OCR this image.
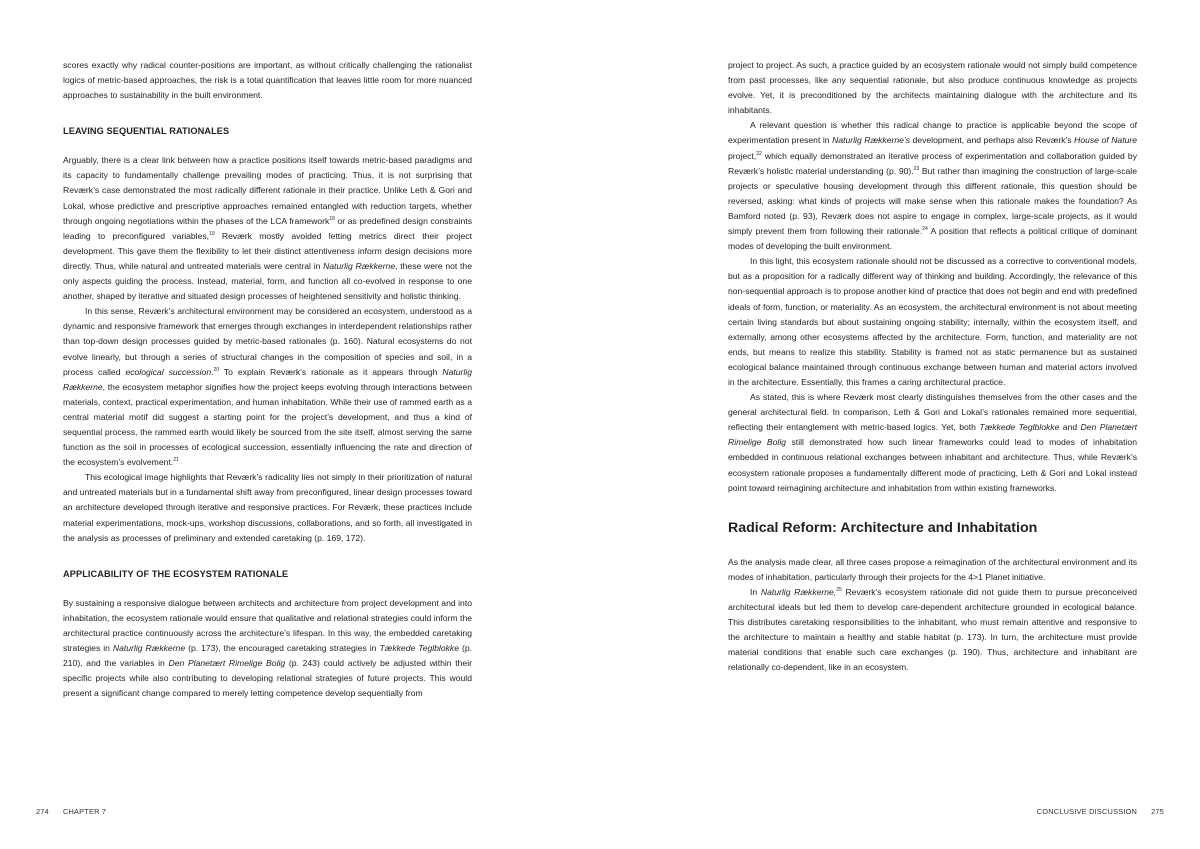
scores exactly why radical counter-positions are important, as without critically challenging the rationalist logics of metric-based approaches, the risk is a total quantification that leaves little room for more nuanced approaches to sustainability in the built environment.

LEAVING SEQUENTIAL RATIONALES

Arguably, there is a clear link between how a practice positions itself towards metric-based paradigms and its capacity to fundamentally challenge prevailing modes of practicing. Thus, it is not surprising that Reværk’s case demonstrated the most radically different rationale in their practice. Unlike Leth & Gori and Lokal, whose predictive and prescriptive approaches remained entangled with reduction targets, whether through ongoing negotiations within the phases of the LCA framework$^{18}$ or as predefined design constraints leading to preconfigured variables,$^{19}$ Reværk mostly avoided letting metrics direct their project development. This gave them the flexibility to let their distinct attentiveness inform design decisions more directly. Thus, while natural and untreated materials were central in Naturlig Rækkerne, these were not the only aspects guiding the process. Instead, material, form, and function all co-evolved in response to one another, shaped by iterative and situated design processes of heightened sensitivity and holistic thinking.

In this sense, Reværk’s architectural environment may be considered an ecosystem, understood as a dynamic and responsive framework that emerges through exchanges in interdependent relationships rather than top-down design processes guided by metric-based rationales (p. 160). Natural ecosystems do not evolve linearly, but through a series of structural changes in the composition of species and soil, in a process called ecological succession.$^{20}$ To explain Reværk’s rationale as it appears through Naturlig Rækkerne, the ecosystem metaphor signifies how the project keeps evolving through interactions between materials, context, practical experimentation, and human inhabitation. While their use of rammed earth as a central material motif did suggest a starting point for the project’s development, and thus a kind of sequential process, the rammed earth would likely be sourced from the site itself, almost serving the same function as the soil in processes of ecological succession, essentially influencing the rate and direction of the ecosystem’s evolvement.$^{21}$

This ecological image highlights that Reværk’s radicality lies not simply in their prioritization of natural and untreated materials but in a fundamental shift away from preconfigured, linear design processes toward an architecture developed through iterative and responsive practices. For Reværk, these practices include material experimentations, mock-ups, workshop discussions, collaborations, and so forth, all investigated in the analysis as processes of preliminary and extended caretaking (p. 169, 172).

APPLICABILITY OF THE ECOSYSTEM RATIONALE

By sustaining a responsive dialogue between architects and architecture from project development and into inhabitation, the ecosystem rationale would ensure that qualitative and relational strategies could inform the architectural practice continuously across the architecture’s lifespan. In this way, the embedded caretaking strategies in Naturlig Rækkerne (p. 173), the encouraged caretaking strategies in Tækkede Teglblokke (p. 210), and the variables in Den Planetært Rimelige Bolig (p. 243) could actively be adjusted within their specific projects while also contributing to developing relational strategies of future projects. This would present a significant change compared to merely letting competence develop sequentially from

274 CHAPTER 7

project to project. As such, a practice guided by an ecosystem rationale would not simply build competence from past processes, like any sequential rationale, but also produce continuous knowledge as projects evolve. Yet, it is preconditioned by the architects maintaining dialogue with the architecture and its inhabitants.

A relevant question is whether this radical change to practice is applicable beyond the scope of experimentation present in Naturlig Rækkerne’s development, and perhaps also Reværk’s House of Nature project,$^{22}$ which equally demonstrated an iterative process of experimentation and collaboration guided by Reværk’s holistic material understanding (p. 90).$^{23}$ But rather than imagining the construction of large-scale projects or speculative housing development through this different rationale, this question should be reversed, asking: what kinds of projects will make sense when this rationale makes the foundation? As Bamford noted (p. 93), Reværk does not aspire to engage in complex, large-scale projects, as it would simply prevent them from following their rationale.$^{24}$ A position that reflects a political critique of dominant modes of developing the built environment.

In this light, this ecosystem rationale should not be discussed as a corrective to conventional models, but as a proposition for a radically different way of thinking and building. Accordingly, the relevance of this non-sequential approach is to propose another kind of practice that does not begin and end with predefined ideals of form, function, or materiality. As an ecosystem, the architectural environment is not about meeting certain living standards but about sustaining ongoing stability; internally, within the ecosystem itself, and externally, among other ecosystems affected by the architecture. Form, function, and materiality are not ends, but means to realize this stability. Stability is framed not as static permanence but as sustained ecological balance maintained through continuous exchange between human and material actors involved in the architecture. Essentially, this frames a caring architectural practice.

As stated, this is where Reværk most clearly distinguishes themselves from the other cases and the general architectural field. In comparison, Leth & Gori and Lokal’s rationales remained more sequential, reflecting their entanglement with metric-based logics. Yet, both Tækkede Teglblokke and Den Planetært Rimelige Bolig still demonstrated how such linear frameworks could lead to modes of inhabitation embedded in continuous relational exchanges between inhabitant and architecture. Thus, while Reværk’s ecosystem rationale proposes a fundamentally different mode of practicing, Leth & Gori and Lokal instead point toward reimagining architecture and inhabitation from within existing frameworks.

Radical Reform: Architecture and Inhabitation

As the analysis made clear, all three cases propose a reimagination of the architectural environment and its modes of inhabitation, particularly through their projects for the 4>1 Planet initiative.

In Naturlig Rækkerne,$^{25}$ Reværk’s ecosystem rationale did not guide them to pursue preconceived architectural ideals but led them to develop care-dependent architecture grounded in ecological balance. This distributes caretaking responsibilities to the inhabitant, who must remain attentive and responsive to the architecture to maintain a healthy and stable habitat (p. 173). In turn, the architecture must provide material conditions that enable such care exchanges (p. 190). Thus, architecture and inhabitant are relationally co-dependent, like in an ecosystem.

CONCLUSIVE DISCUSSION 275
